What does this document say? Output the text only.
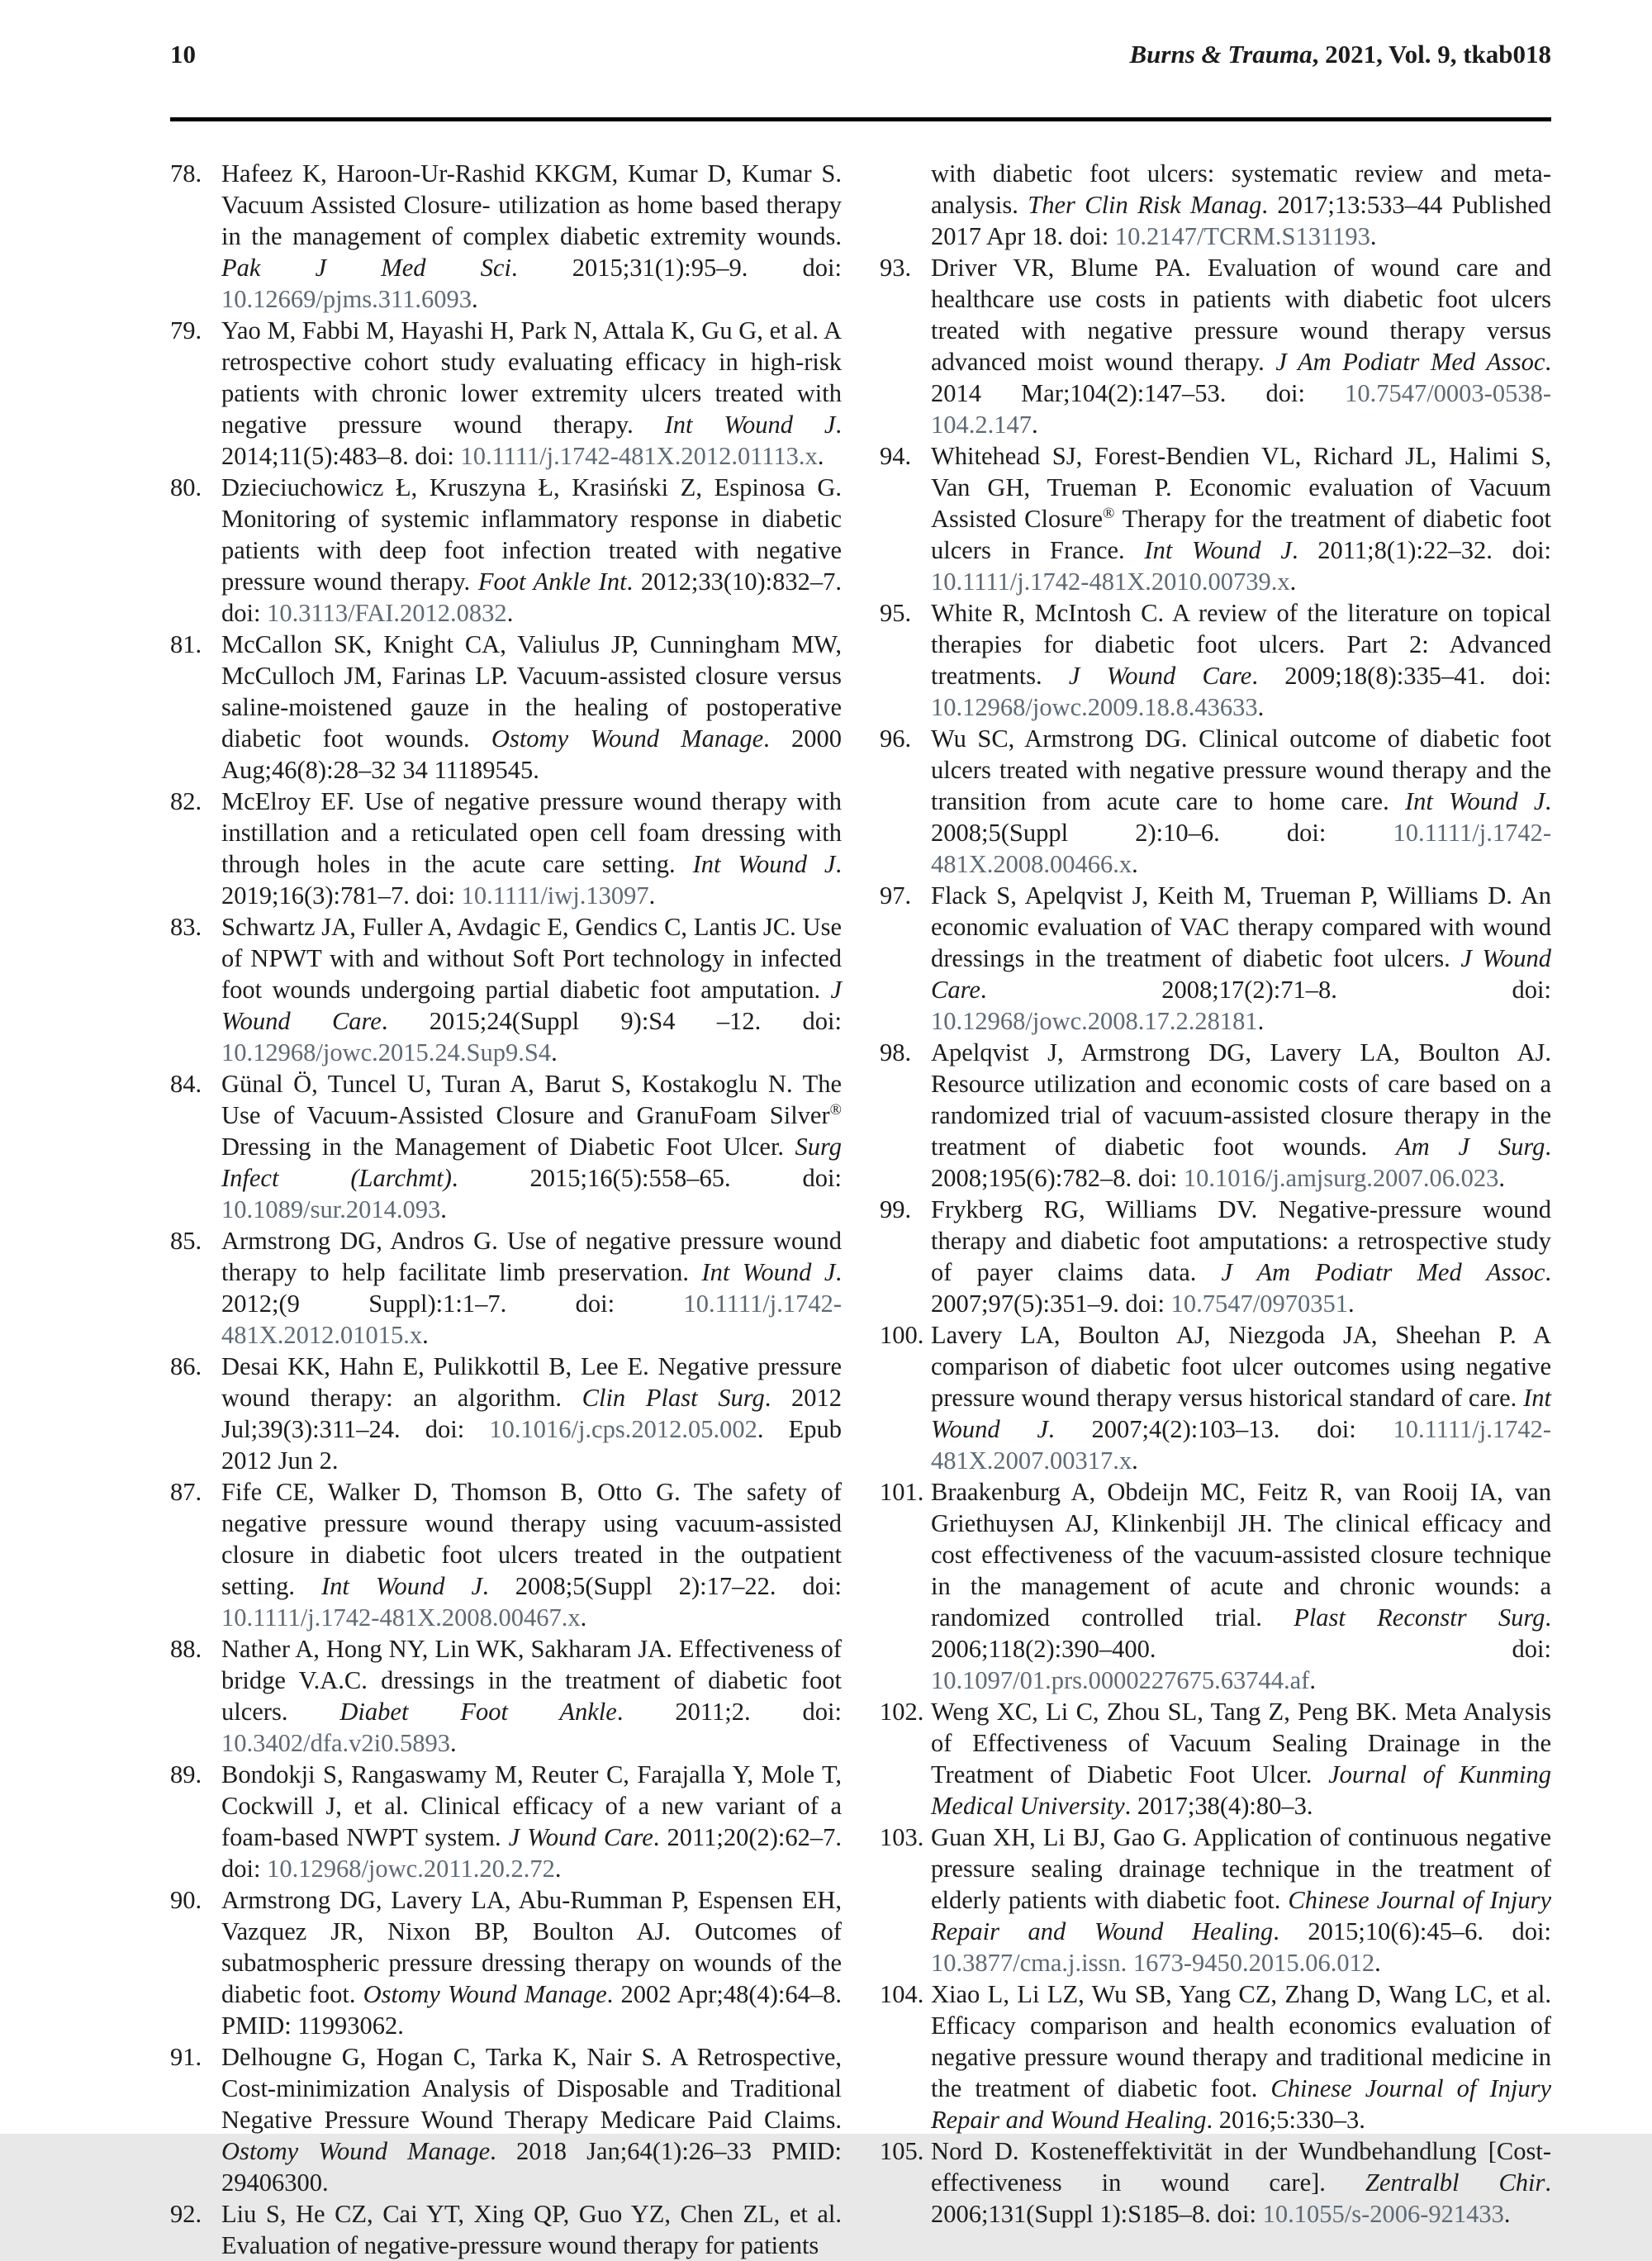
10	Burns & Trauma, 2021, Vol. 9, tkab018
78. Hafeez K, Haroon-Ur-Rashid KKGM, Kumar D, Kumar S. Vacuum Assisted Closure- utilization as home based therapy in the management of complex diabetic extremity wounds. Pak J Med Sci. 2015;31(1):95–9. doi: 10.12669/pjms.311.6093.
79. Yao M, Fabbi M, Hayashi H, Park N, Attala K, Gu G, et al. A retrospective cohort study evaluating efficacy in high-risk patients with chronic lower extremity ulcers treated with negative pressure wound therapy. Int Wound J. 2014;11(5):483–8. doi: 10.1111/j.1742-481X.2012.01113.x.
80. Dzieciuchowicz Ł, Kruszyna Ł, Krasiński Z, Espinosa G. Monitoring of systemic inflammatory response in diabetic patients with deep foot infection treated with negative pressure wound therapy. Foot Ankle Int. 2012;33(10):832–7. doi: 10.3113/FAI.2012.0832.
81. McCallon SK, Knight CA, Valiulus JP, Cunningham MW, McCulloch JM, Farinas LP. Vacuum-assisted closure versus saline-moistened gauze in the healing of postoperative diabetic foot wounds. Ostomy Wound Manage. 2000 Aug;46(8):28–32 34 11189545.
82. McElroy EF. Use of negative pressure wound therapy with instillation and a reticulated open cell foam dressing with through holes in the acute care setting. Int Wound J. 2019;16(3):781–7. doi: 10.1111/iwj.13097.
83. Schwartz JA, Fuller A, Avdagic E, Gendics C, Lantis JC. Use of NPWT with and without Soft Port technology in infected foot wounds undergoing partial diabetic foot amputation. J Wound Care. 2015;24(Suppl 9):S4 –12. doi: 10.12968/jowc.2015.24.Sup9.S4.
84. Günal Ö, Tuncel U, Turan A, Barut S, Kostakoglu N. The Use of Vacuum-Assisted Closure and GranuFoam Silver® Dressing in the Management of Diabetic Foot Ulcer. Surg Infect (Larchmt). 2015;16(5):558–65. doi: 10.1089/sur.2014.093.
85. Armstrong DG, Andros G. Use of negative pressure wound therapy to help facilitate limb preservation. Int Wound J. 2012;(9 Suppl):1:1–7. doi: 10.1111/j.1742-481X.2012.01015.x.
86. Desai KK, Hahn E, Pulikkottil B, Lee E. Negative pressure wound therapy: an algorithm. Clin Plast Surg. 2012 Jul;39(3):311–24. doi: 10.1016/j.cps.2012.05.002. Epub 2012 Jun 2.
87. Fife CE, Walker D, Thomson B, Otto G. The safety of negative pressure wound therapy using vacuum-assisted closure in diabetic foot ulcers treated in the outpatient setting. Int Wound J. 2008;5(Suppl 2):17–22. doi: 10.1111/j.1742-481X.2008.00467.x.
88. Nather A, Hong NY, Lin WK, Sakharam JA. Effectiveness of bridge V.A.C. dressings in the treatment of diabetic foot ulcers. Diabet Foot Ankle. 2011;2. doi: 10.3402/dfa.v2i0.5893.
89. Bondokji S, Rangaswamy M, Reuter C, Farajalla Y, Mole T, Cockwill J, et al. Clinical efficacy of a new variant of a foam-based NWPT system. J Wound Care. 2011;20(2):62–7. doi: 10.12968/jowc.2011.20.2.72.
90. Armstrong DG, Lavery LA, Abu-Rumman P, Espensen EH, Vazquez JR, Nixon BP, Boulton AJ. Outcomes of subatmospheric pressure dressing therapy on wounds of the diabetic foot. Ostomy Wound Manage. 2002 Apr;48(4):64–8. PMID: 11993062.
91. Delhougne G, Hogan C, Tarka K, Nair S. A Retrospective, Cost-minimization Analysis of Disposable and Traditional Negative Pressure Wound Therapy Medicare Paid Claims. Ostomy Wound Manage. 2018 Jan;64(1):26–33 PMID: 29406300.
92. Liu S, He CZ, Cai YT, Xing QP, Guo YZ, Chen ZL, et al. Evaluation of negative-pressure wound therapy for patients
with diabetic foot ulcers: systematic review and meta-analysis. Ther Clin Risk Manag. 2017;13:533–44 Published 2017 Apr 18. doi: 10.2147/TCRM.S131193.
93. Driver VR, Blume PA. Evaluation of wound care and healthcare use costs in patients with diabetic foot ulcers treated with negative pressure wound therapy versus advanced moist wound therapy. J Am Podiatr Med Assoc. 2014 Mar;104(2):147–53. doi: 10.7547/0003-0538-104.2.147.
94. Whitehead SJ, Forest-Bendien VL, Richard JL, Halimi S, Van GH, Trueman P. Economic evaluation of Vacuum Assisted Closure® Therapy for the treatment of diabetic foot ulcers in France. Int Wound J. 2011;8(1):22–32. doi: 10.1111/j.1742-481X.2010.00739.x.
95. White R, McIntosh C. A review of the literature on topical therapies for diabetic foot ulcers. Part 2: Advanced treatments. J Wound Care. 2009;18(8):335–41. doi: 10.12968/jowc.2009.18.8.43633.
96. Wu SC, Armstrong DG. Clinical outcome of diabetic foot ulcers treated with negative pressure wound therapy and the transition from acute care to home care. Int Wound J. 2008;5(Suppl 2):10–6. doi: 10.1111/j.1742-481X.2008.00466.x.
97. Flack S, Apelqvist J, Keith M, Trueman P, Williams D. An economic evaluation of VAC therapy compared with wound dressings in the treatment of diabetic foot ulcers. J Wound Care. 2008;17(2):71–8. doi: 10.12968/jowc.2008.17.2.28181.
98. Apelqvist J, Armstrong DG, Lavery LA, Boulton AJ. Resource utilization and economic costs of care based on a randomized trial of vacuum-assisted closure therapy in the treatment of diabetic foot wounds. Am J Surg. 2008;195(6):782–8. doi: 10.1016/j.amjsurg.2007.06.023.
99. Frykberg RG, Williams DV. Negative-pressure wound therapy and diabetic foot amputations: a retrospective study of payer claims data. J Am Podiatr Med Assoc. 2007;97(5):351–9. doi: 10.7547/0970351.
100. Lavery LA, Boulton AJ, Niezgoda JA, Sheehan P. A comparison of diabetic foot ulcer outcomes using negative pressure wound therapy versus historical standard of care. Int Wound J. 2007;4(2):103–13. doi: 10.1111/j.1742-481X.2007.00317.x.
101. Braakenburg A, Obdeijn MC, Feitz R, van Rooij IA, van Griethuysen AJ, Klinkenbijl JH. The clinical efficacy and cost effectiveness of the vacuum-assisted closure technique in the management of acute and chronic wounds: a randomized controlled trial. Plast Reconstr Surg. 2006;118(2):390–400. doi: 10.1097/01.prs.0000227675.63744.af.
102. Weng XC, Li C, Zhou SL, Tang Z, Peng BK. Meta Analysis of Effectiveness of Vacuum Sealing Drainage in the Treatment of Diabetic Foot Ulcer. Journal of Kunming Medical University. 2017;38(4):80–3.
103. Guan XH, Li BJ, Gao G. Application of continuous negative pressure sealing drainage technique in the treatment of elderly patients with diabetic foot. Chinese Journal of Injury Repair and Wound Healing. 2015;10(6):45–6. doi: 10.3877/cma.j.issn. 1673-9450.2015.06.012.
104. Xiao L, Li LZ, Wu SB, Yang CZ, Zhang D, Wang LC, et al. Efficacy comparison and health economics evaluation of negative pressure wound therapy and traditional medicine in the treatment of diabetic foot. Chinese Journal of Injury Repair and Wound Healing. 2016;5:330–3.
105. Nord D. Kosteneffektivität in der Wundbehandlung [Cost-effectiveness in wound care]. Zentralbl Chir. 2006;131(Suppl 1):S185–8. doi: 10.1055/s-2006-921433.
